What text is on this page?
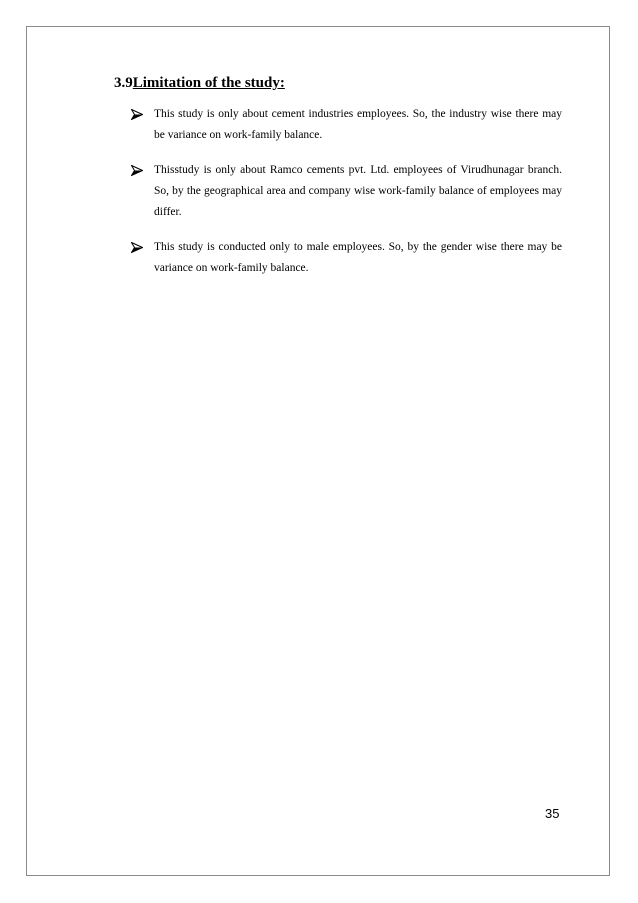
3.9Limitation of the study:
This study is only about cement industries employees. So, the industry wise there may be variance on work-family balance.
Thisstudy is only about Ramco cements pvt. Ltd. employees of Virudhunagar branch. So, by the geographical area and company wise work-family balance of employees may differ.
This study is conducted only to male employees. So, by the gender wise there may be variance on work-family balance.
35
